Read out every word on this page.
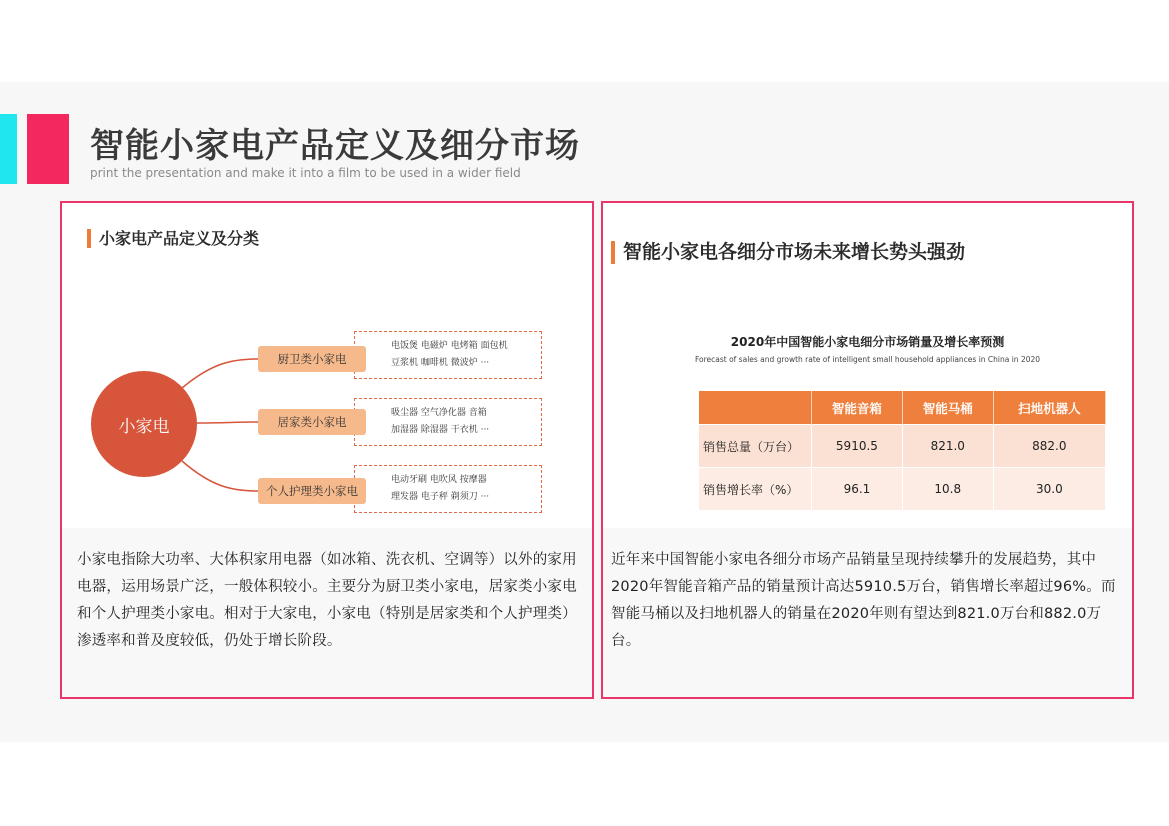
智能小家电产品定义及细分市场

print the presentation and make it into a film to be used in a wider field

小家电产品定义及分类
小家电
电饭煲 电磁炉 电烤箱 面包机
豆浆机 咖啡机 微波炉 ···
厨卫类小家电
吸尘器 空气净化器 音箱
加湿器 除湿器 干衣机 ···
居家类小家电
电动牙刷 电吹风 按摩器
理发器 电子秤 剃须刀 ···
个人护理类小家电

小家电指除大功率、大体积家用电器（如冰箱、洗衣机、空调等）以外的家用电器，运用场景广泛，一般体积较小。主要分为厨卫类小家电，居家类小家电和个人护理类小家电。相对于大家电，小家电（特别是居家类和个人护理类）渗透率和普及度较低，仍处于增长阶段。

智能小家电各细分市场未来增长势头强劲

2020年中国智能小家电细分市场销量及增长率预测

Forecast of sales and growth rate of intelligent small household appliances in China in 2020

	智能音箱	智能马桶	扫地机器人
销售总量（万台）	5910.5	821.0	882.0
销售增长率（%）	96.1	10.8	30.0

近年来中国智能小家电各细分市场产品销量呈现持续攀升的发展趋势，其中2020年智能音箱产品的销量预计高达5910.5万台，销售增长率超过96%。而智能马桶以及扫地机器人的销量在2020年则有望达到821.0万台和882.0万台。
